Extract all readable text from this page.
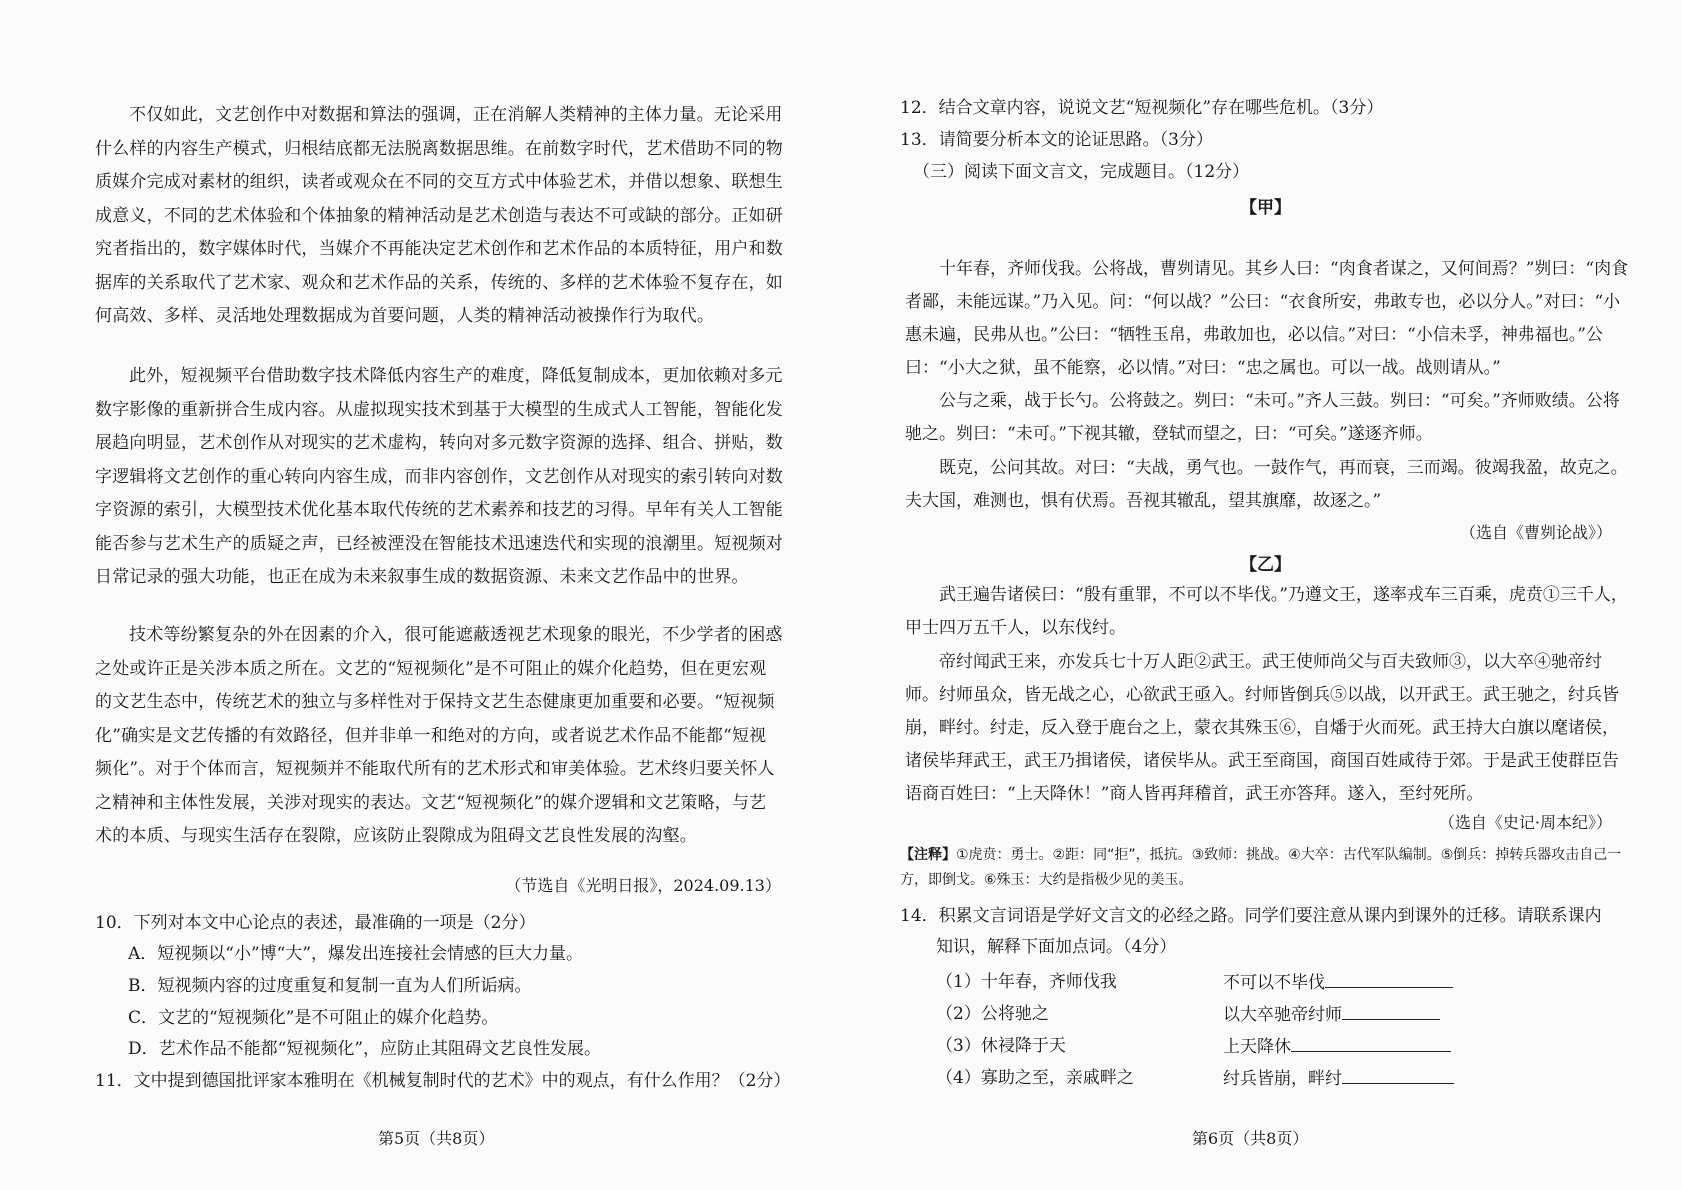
不仅如此，文艺创作中对数据和算法的强调，正在消解人类精神的主体力量。无论采用什么样的内容生产模式，归根结底都无法脱离数据思维。在前数字时代，艺术借助不同的物质媒介完成对素材的组织，读者或观众在不同的交互方式中体验艺术，并借以想象、联想生成意义，不同的艺术体验和个体抽象的精神活动是艺术创造与表达不可或缺的部分。正如研究者指出的，数字媒体时代，当媒介不再能决定艺术创作和艺术作品的本质特征，用户和数据库的关系取代了艺术家、观众和艺术作品的关系，传统的、多样的艺术体验不复存在，如何高效、多样、灵活地处理数据成为首要问题，人类的精神活动被操作行为取代。

此外，短视频平台借助数字技术降低内容生产的难度，降低复制成本，更加依赖对多元数字影像的重新拼合生成内容。从虚拟现实技术到基于大模型的生成式人工智能，智能化发展趋向明显，艺术创作从对现实的艺术虚构，转向对多元数字资源的选择、组合、拼贴，数字逻辑将文艺创作的重心转向内容生成，而非内容创作，文艺创作从对现实的索引转向对数字资源的索引，大模型技术优化基本取代传统的艺术素养和技艺的习得。早年有关人工智能能否参与艺术生产的质疑之声，已经被湮没在智能技术迅速迭代和实现的浪潮里。短视频对日常记录的强大功能，也正在成为未来叙事生成的数据资源、未来文艺作品中的世界。

技术等纷繁复杂的外在因素的介入，很可能遮蔽透视艺术现象的眼光，不少学者的困惑之处或许正是关涉本质之所在。文艺的“短视频化”是不可阻止的媒介化趋势，但在更宏观的文艺生态中，传统艺术的独立与多样性对于保持文艺生态健康更加重要和必要。“短视频化”确实是文艺传播的有效路径，但并非单一和绝对的方向，或者说艺术作品不能都“短视频化”。对于个体而言，短视频并不能取代所有的艺术形式和审美体验。艺术终归要关怀人之精神和主体性发展，关涉对现实的表达。文艺“短视频化”的媒介逻辑和文艺策略，与艺术的本质、与现实生活存在裂隙，应该防止裂隙成为阻碍文艺良性发展的沟壑。

（节选自《光明日报》，2024.09.13）
10．下列对本文中心论点的表述，最准确的一项是（2分）
A．短视频以“小”博“大”，爆发出连接社会情感的巨大力量。
B．短视频内容的过度重复和复制一直为人们所诟病。
C．文艺的“短视频化”是不可阻止的媒介化趋势。
D．艺术作品不能都“短视频化”，应防止其阻碍文艺良性发展。
11．文中提到德国批评家本雅明在《机械复制时代的艺术》中的观点，有什么作用？（2分）
第5页（共8页）
12．结合文章内容，说说文艺“短视频化”存在哪些危机。（3分）
13．请简要分析本文的论证思路。（3分）
（三）阅读下面文言文，完成题目。（12分）
【甲】

十年春，齐师伐我。公将战，曹刿请见。其乡人曰：“肉食者谋之，又何间焉？”刿曰：“肉食者鄙，未能远谋。”乃入见。问：“何以战？”公曰：“衣食所安，弗敢专也，必以分人。”对曰：“小惠未遍，民弗从也。”公曰：“牺牲玉帛，弗敢加也，必以信。”对曰：“小信未孚，神弗福也。”公曰：“小大之狱，虽不能察，必以情。”对曰：“忠之属也。可以一战。战则请从。”

公与之乘，战于长勺。公将鼓之。刿曰：“未可。”齐人三鼓。刿曰：“可矣。”齐师败绩。公将驰之。刿曰：“未可。”下视其辙，登轼而望之，曰：“可矣。”遂逐齐师。

既克，公问其故。对曰：“夫战，勇气也。一鼓作气，再而衰，三而竭。彼竭我盈，故克之。夫大国，难测也，惧有伏焉。吾视其辙乱，望其旗靡，故逐之。”

（选自《曹刿论战》）
【乙】

武王遍告诸侯曰：“殷有重罪，不可以不毕伐。”乃遵文王，遂率戎车三百乘，虎贲①三千人，甲士四万五千人，以东伐纣。

帝纣闻武王来，亦发兵七十万人距②武王。武王使师尚父与百夫致师③，以大卒④驰帝纣师。纣师虽众，皆无战之心，心欲武王亟入。纣师皆倒兵⑤以战，以开武王。武王驰之，纣兵皆崩，畔纣。纣走，反入登于鹿台之上，蒙衣其殊玉⑥，自燔于火而死。武王持大白旗以麾诸侯，诸侯毕拜武王，武王乃揖诸侯，诸侯毕从。武王至商国，商国百姓咸待于郊。于是武王使群臣告语商百姓曰：“上天降休！”商人皆再拜稽首，武王亦答拜。遂入，至纣死所。

（选自《史记·周本纪》）
【注释】①虎贲：勇士。②距：同“拒”，抵抗。③致师：挑战。④大卒：古代军队编制。⑤倒兵：掉转兵器攻击自己一方，即倒戈。⑥殊玉：大约是指极少见的美玉。
14．积累文言词语是学好文言文的必经之路。同学们要注意从课内到课外的迁移。请联系课内
知识，解释下面加点词。（4分）
（1）十年春，齐师伐我	不可以不毕伐
（2）公将驰之	以大卒驰帝纣师
（3）休祲降于天	上天降休
（4）寡助之至，亲戚畔之	纣兵皆崩，畔纣
第6页（共8页）
